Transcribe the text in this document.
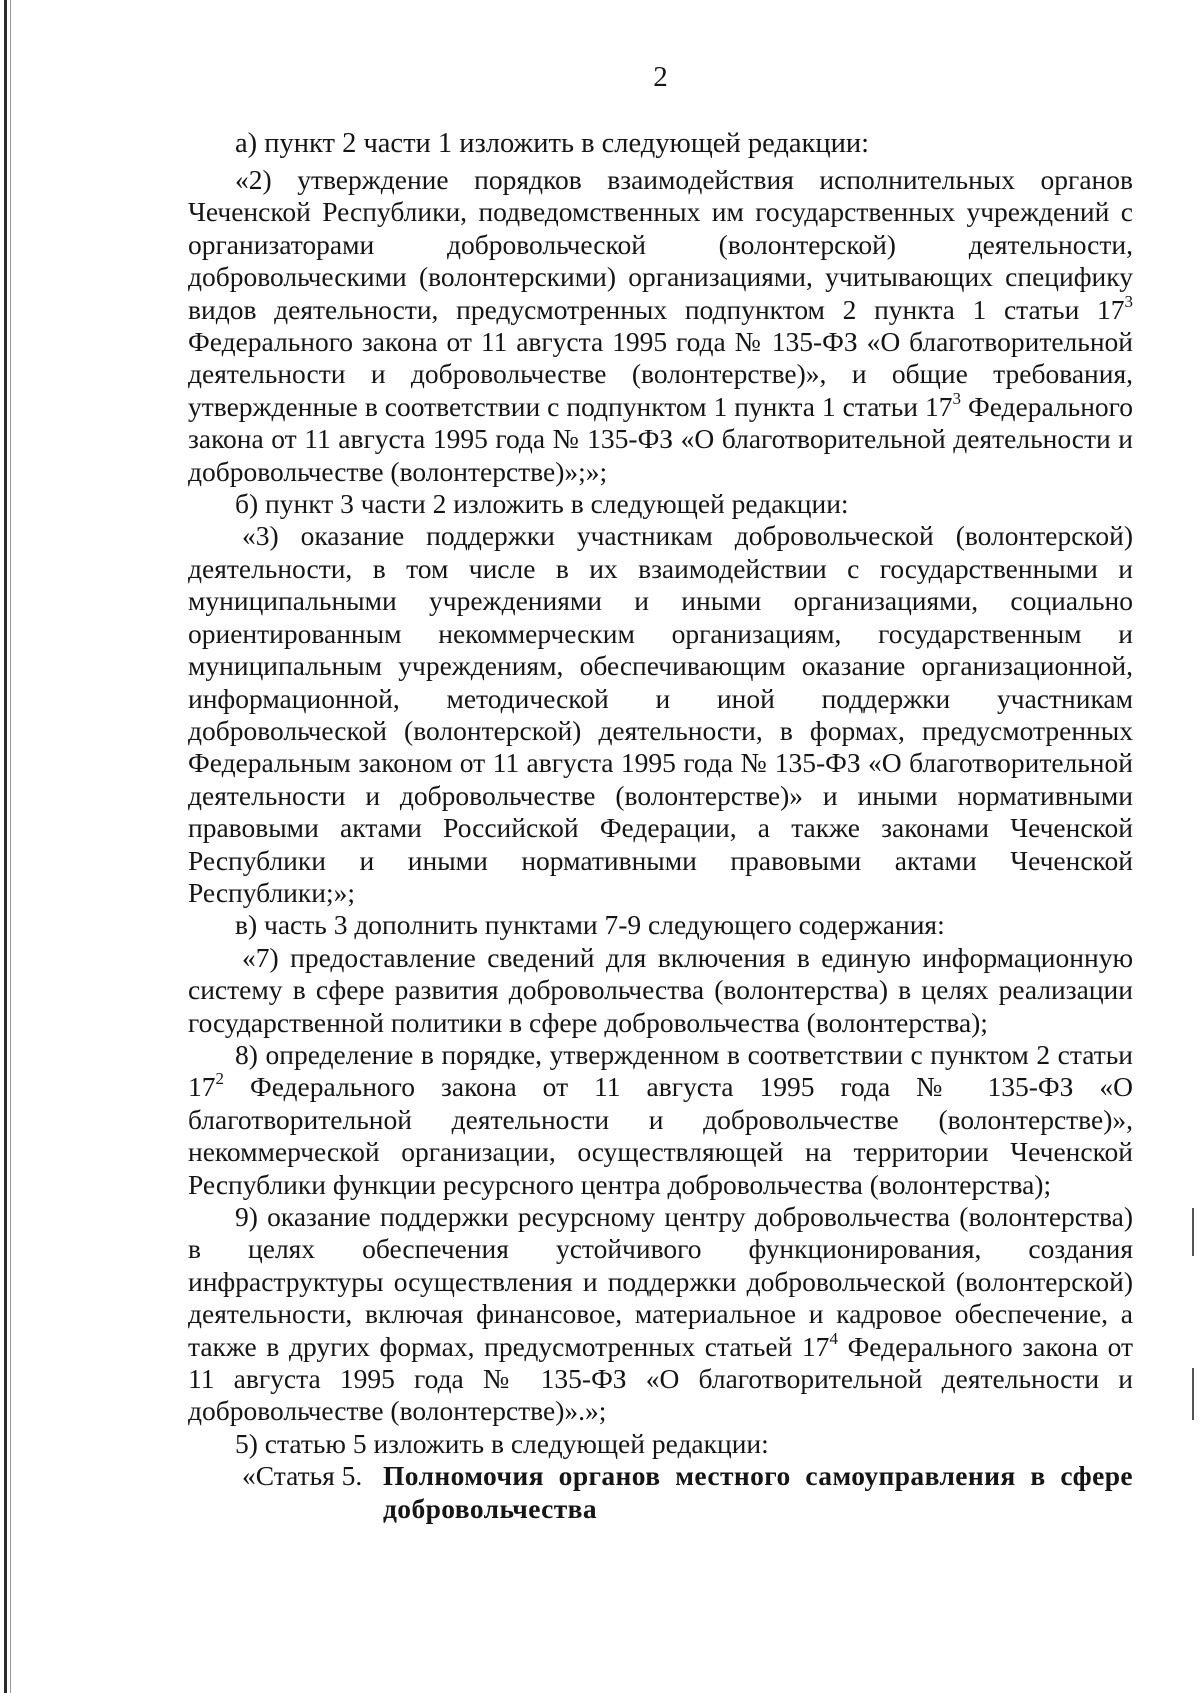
2

а) пункт 2 части 1 изложить в следующей редакции:

«2) утверждение порядков взаимодействия исполнительных органов Чеченской Республики, подведомственных им государственных учреждений с организаторами добровольческой (волонтерской) деятельности, добровольческими (волонтерскими) организациями, учитывающих специфику видов деятельности, предусмотренных подпунктом 2 пункта 1 статьи $17^3$ Федерального закона от 11 августа 1995 года № 135-ФЗ «О благотворительной деятельности и добровольчестве (волонтерстве)», и общие требования, утвержденные в соответствии с подпунктом 1 пункта 1 статьи $17^3$ Федерального закона от 11 августа 1995 года № 135-ФЗ «О благотворительной деятельности и добровольчестве (волонтерстве)»;»;

б) пункт 3 части 2 изложить в следующей редакции:

«3) оказание поддержки участникам добровольческой (волонтерской) деятельности, в том числе в их взаимодействии с государственными и муниципальными учреждениями и иными организациями, социально ориентированным некоммерческим организациям, государственным и муниципальным учреждениям, обеспечивающим оказание организационной, информационной, методической и иной поддержки участникам добровольческой (волонтерской) деятельности, в формах, предусмотренных Федеральным законом от 11 августа 1995 года № 135-ФЗ «О благотворительной деятельности и добровольчестве (волонтерстве)» и иными нормативными правовыми актами Российской Федерации, а также законами Чеченской Республики и иными нормативными правовыми актами Чеченской Республики;»;

в) часть 3 дополнить пунктами 7-9 следующего содержания:

«7) предоставление сведений для включения в единую информационную систему в сфере развития добровольчества (волонтерства) в целях реализации государственной политики в сфере добровольчества (волонтерства);

8) определение в порядке, утвержденном в соответствии с пунктом 2 статьи $17^2$ Федерального закона от 11 августа 1995 года № 135-ФЗ «О благотворительной деятельности и добровольчестве (волонтерстве)», некоммерческой организации, осуществляющей на территории Чеченской Республики функции ресурсного центра добровольчества (волонтерства);

9) оказание поддержки ресурсному центру добровольчества (волонтерства) в целях обеспечения устойчивого функционирования, создания инфраструктуры осуществления и поддержки добровольческой (волонтерской) деятельности, включая финансовое, материальное и кадровое обеспечение, а также в других формах, предусмотренных статьей $17^4$ Федерального закона от 11 августа 1995 года № 135-ФЗ «О благотворительной деятельности и добровольчестве (волонтерстве)».»;

5) статью 5 изложить в следующей редакции:

«Статья 5. Полномочия органов местного самоуправления в сфере добровольчества
